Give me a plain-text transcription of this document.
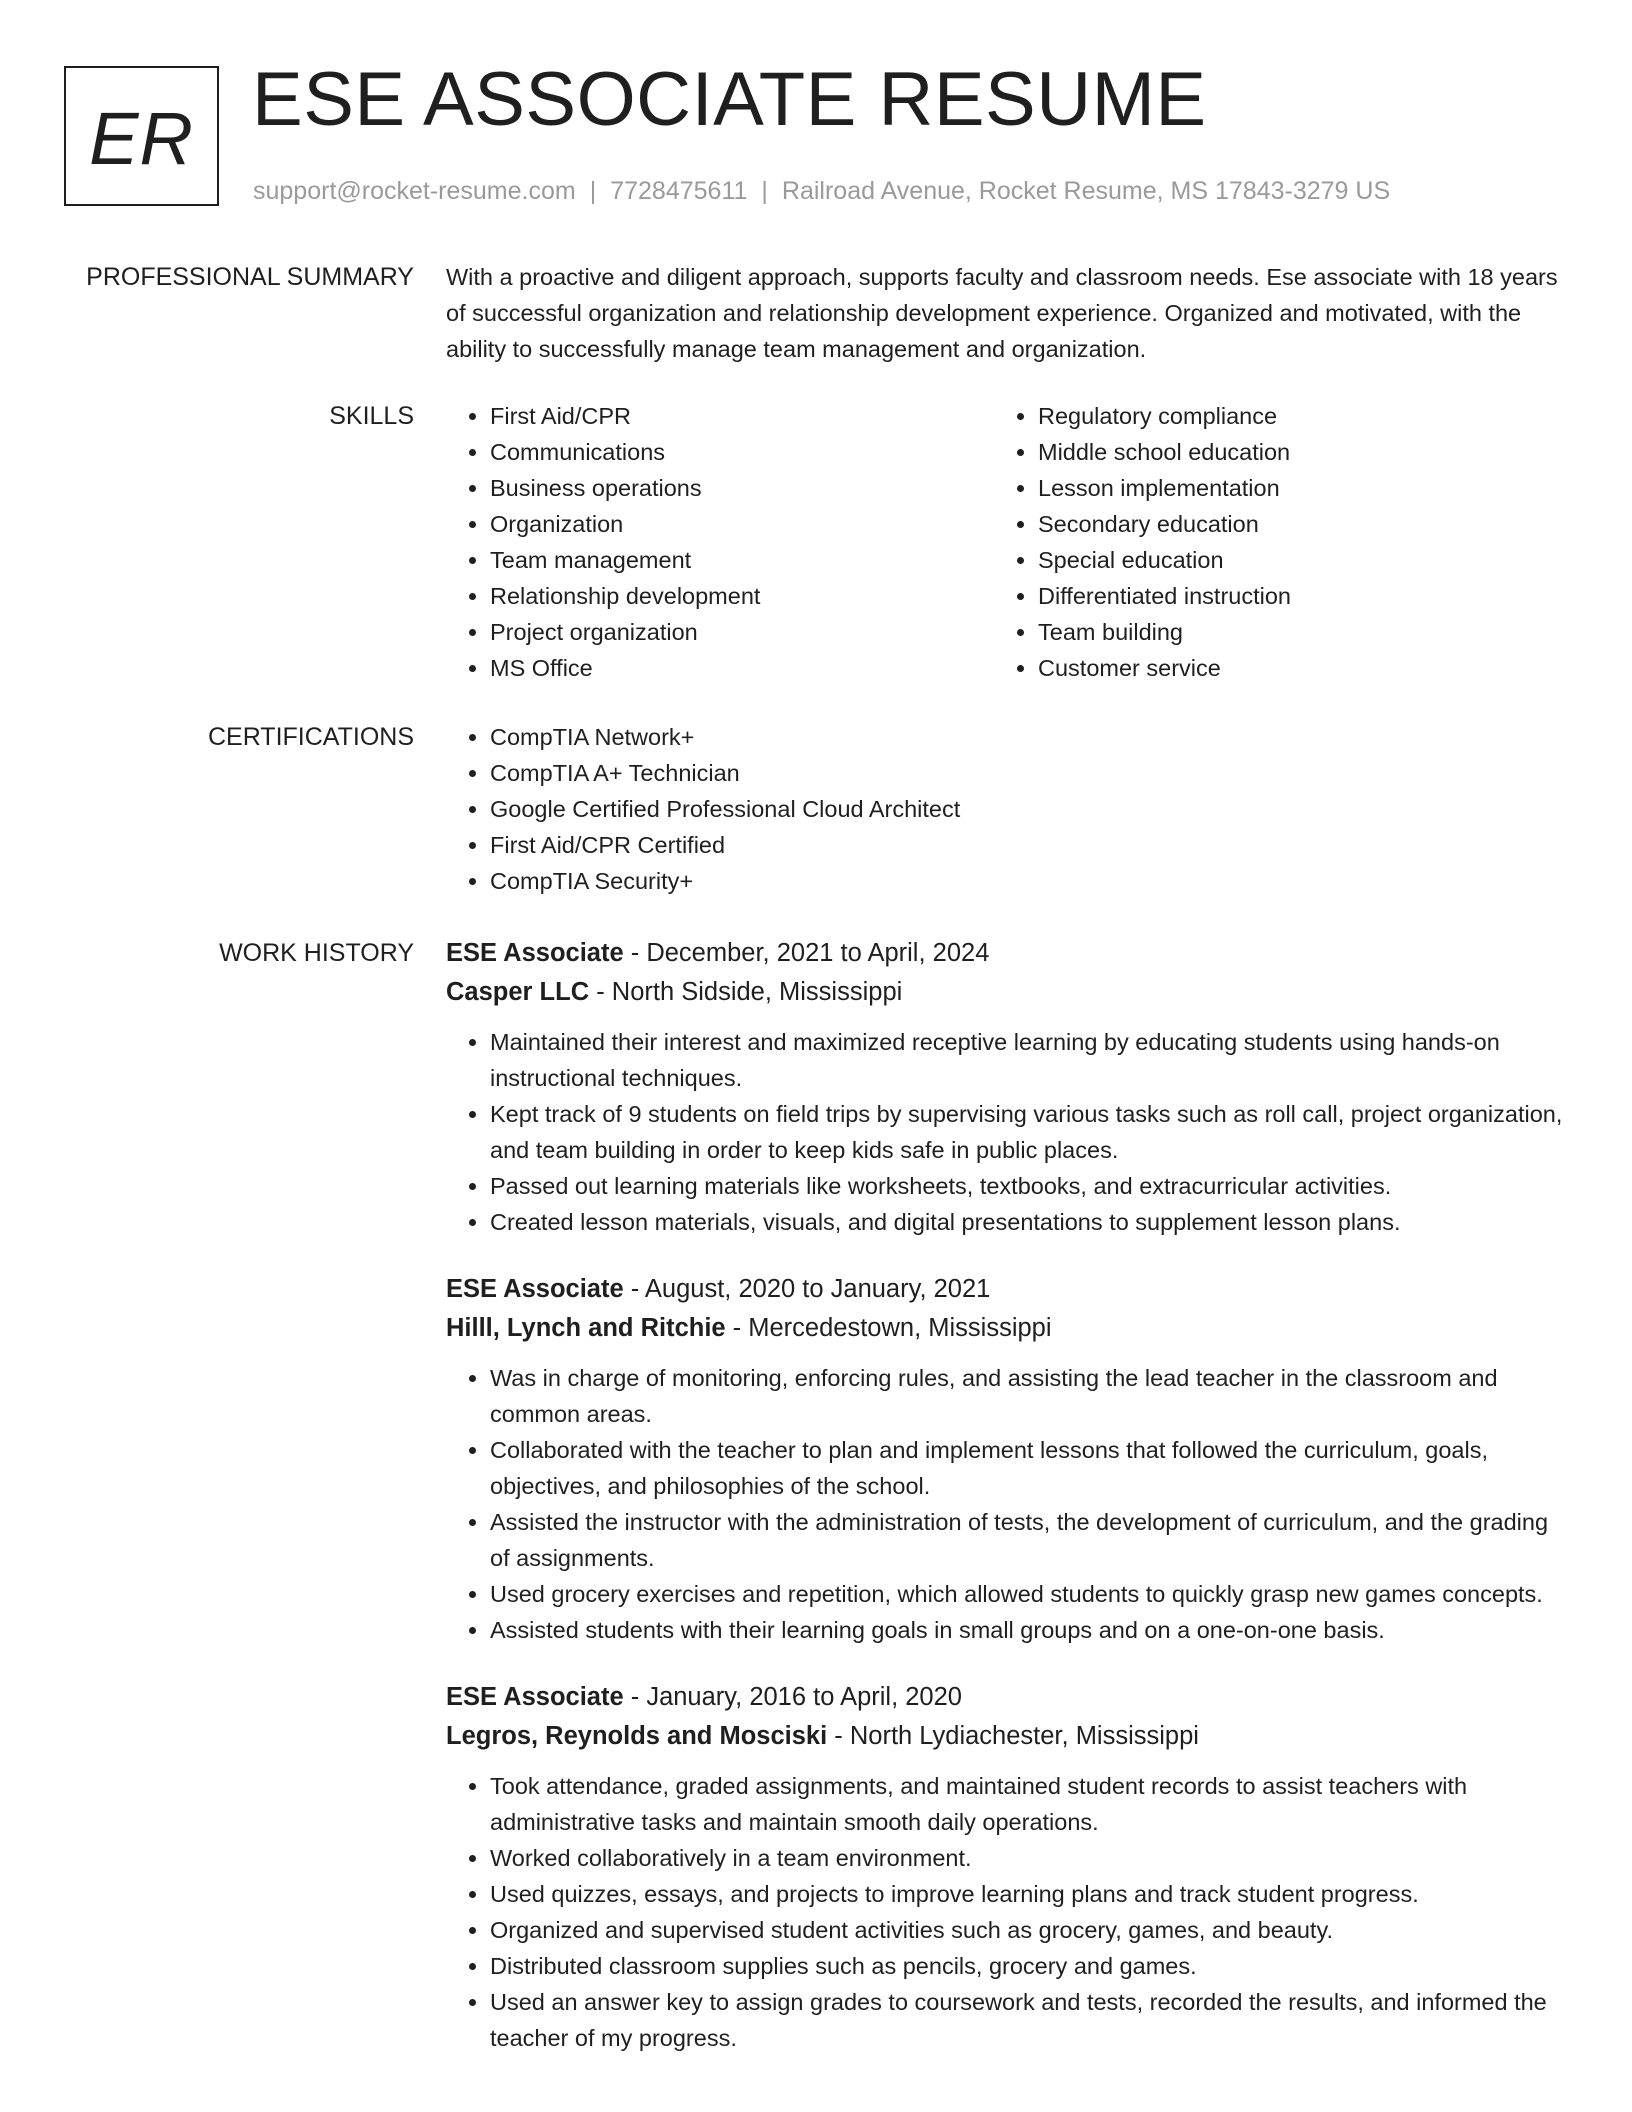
ER ESE ASSOCIATE RESUME
support@rocket-resume.com | 7728475611 | Railroad Avenue, Rocket Resume, MS 17843-3279 US
PROFESSIONAL SUMMARY With a proactive and diligent approach, supports faculty and classroom needs. Ese associate with 18 years of successful organization and relationship development experience. Organized and motivated, with the ability to successfully manage team management and organization.

SKILLS	• First Aid/CPR
• Communications
• Business operations
• Organization
• Team management
• Relationship development
• Project organization
• MS Office
• Regulatory compliance
• Middle school education
• Lesson implementation
• Secondary education
• Special education
• Differentiated instruction
• Team building
• Customer service
CERTIFICATIONS	• CompTIA Network+
• CompTIA A+ Technician
• Google Certified Professional Cloud Architect
• First Aid/CPR Certified
• CompTIA Security+
WORK HISTORY ESE Associate - December, 2021 to April, 2024
Casper LLC - North Sidside, Mississippi
• Maintained their interest and maximized receptive learning by educating students using hands-on instructional techniques.
• Kept track of 9 students on field trips by supervising various tasks such as roll call, project organization, and team building in order to keep kids safe in public places.
• Passed out learning materials like worksheets, textbooks, and extracurricular activities.
• Created lesson materials, visuals, and digital presentations to supplement lesson plans.
ESE Associate - August, 2020 to January, 2021
Hilll, Lynch and Ritchie - Mercedestown, Mississippi
• Was in charge of monitoring, enforcing rules, and assisting the lead teacher in the classroom and common areas.
• Collaborated with the teacher to plan and implement lessons that followed the curriculum, goals, objectives, and philosophies of the school.
• Assisted the instructor with the administration of tests, the development of curriculum, and the grading of assignments.
• Used grocery exercises and repetition, which allowed students to quickly grasp new games concepts.
• Assisted students with their learning goals in small groups and on a one-on-one basis.
ESE Associate - January, 2016 to April, 2020
Legros, Reynolds and Mosciski - North Lydiachester, Mississippi
• Took attendance, graded assignments, and maintained student records to assist teachers with administrative tasks and maintain smooth daily operations.
• Worked collaboratively in a team environment.
• Used quizzes, essays, and projects to improve learning plans and track student progress.
• Organized and supervised student activities such as grocery, games, and beauty.
• Distributed classroom supplies such as pencils, grocery and games.
• Used an answer key to assign grades to coursework and tests, recorded the results, and informed the teacher of my progress.
